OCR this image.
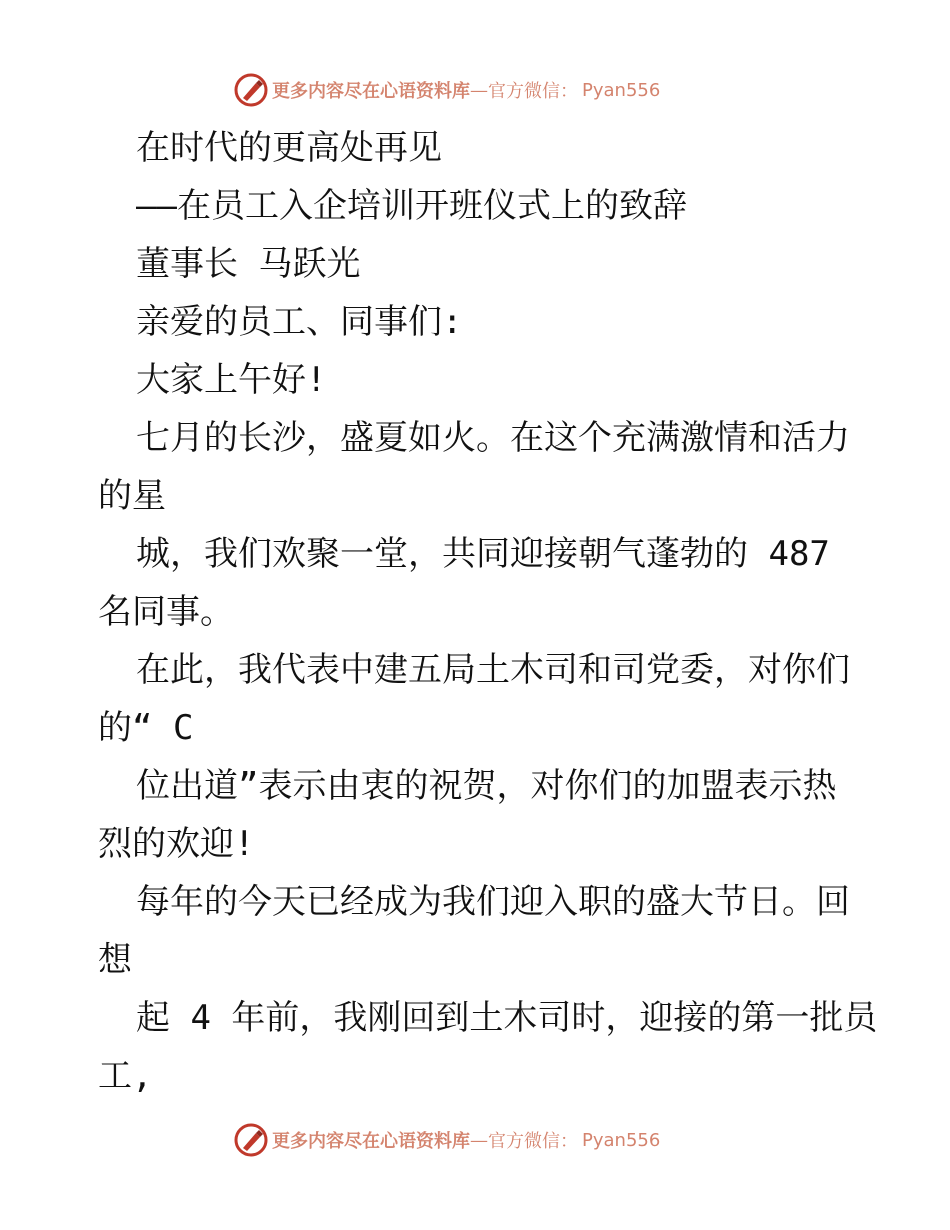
更多内容尽在心语资料库 — 官方微信： Pyan556
在时代的更高处再见
——在员工入企培训开班仪式上的致辞
董事长 马跃光
亲爱的员工、同事们:
大家上午好!
七月的长沙，盛夏如火。在这个充满激情和活力
的星
城，我们欢聚一堂，共同迎接朝气蓬勃的 487
名同事。
在此，我代表中建五局土木司和司党委，对你们
的“ C
位出道”表示由衷的祝贺，对你们的加盟表示热
烈的欢迎!
每年的今天已经成为我们迎入职的盛大节日。回
想
起 4 年前，我刚回到土木司时，迎接的第一批员
工,
更多内容尽在心语资料库 — 官方微信： Pyan556
